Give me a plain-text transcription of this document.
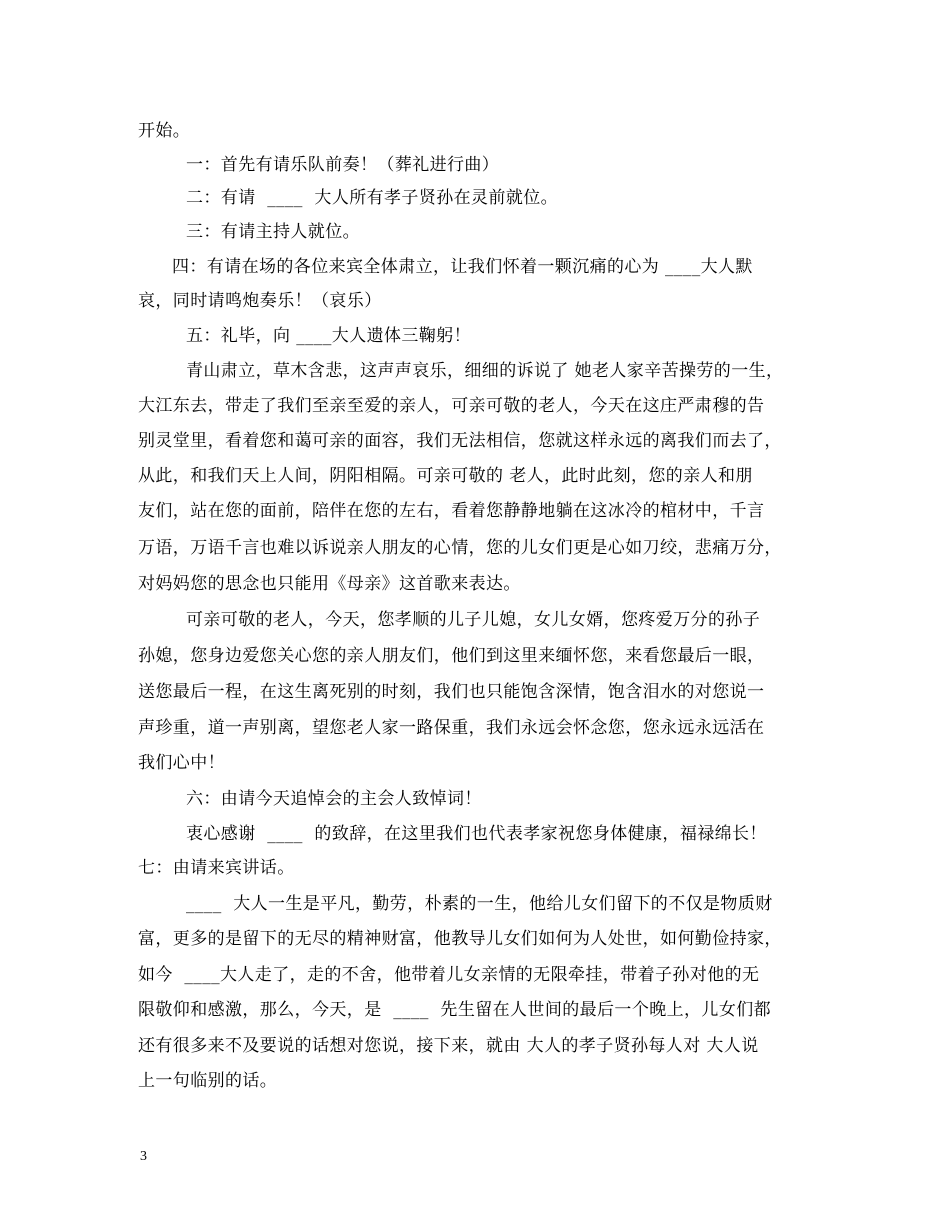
开始。
一：首先有请乐队前奏！（葬礼进行曲）
二：有请  ____  大人所有孝子贤孙在灵前就位。
三：有请主持人就位。
四：有请在场的各位来宾全体肃立，让我们怀着一颗沉痛的心为 ____大人默
哀，同时请鸣炮奏乐！（哀乐）
五：礼毕，向 ____大人遗体三鞠躬！
青山肃立，草木含悲，这声声哀乐，细细的诉说了 她老人家辛苦操劳的一生，
大江东去，带走了我们至亲至爱的亲人，可亲可敬的老人，今天在这庄严肃穆的告
别灵堂里，看着您和蔼可亲的面容，我们无法相信，您就这样永远的离我们而去了，
从此，和我们天上人间，阴阳相隔。可亲可敬的 老人，此时此刻，您的亲人和朋
友们，站在您的面前，陪伴在您的左右，看着您静静地躺在这冰冷的棺材中，千言
万语，万语千言也难以诉说亲人朋友的心情，您的儿女们更是心如刀绞，悲痛万分，
对妈妈您的思念也只能用《母亲》这首歌来表达。
可亲可敬的老人，今天，您孝顺的儿子儿媳，女儿女婿，您疼爱万分的孙子
孙媳，您身边爱您关心您的亲人朋友们，他们到这里来缅怀您，来看您最后一眼，
送您最后一程，在这生离死别的时刻，我们也只能饱含深情，饱含泪水的对您说一
声珍重，道一声别离，望您老人家一路保重，我们永远会怀念您，您永远永远活在
我们心中！
六：由请今天追悼会的主会人致悼词！
衷心感谢  ____  的致辞，在这里我们也代表孝家祝您身体健康，福禄绵长！
七：由请来宾讲话。
____  大人一生是平凡，勤劳，朴素的一生，他给儿女们留下的不仅是物质财
富，更多的是留下的无尽的精神财富，他教导儿女们如何为人处世，如何勤俭持家，
如今  ____大人走了，走的不舍，他带着儿女亲情的无限牵挂，带着子孙对他的无
限敬仰和感激，那么，今天，是  ____  先生留在人世间的最后一个晚上，儿女们都
还有很多来不及要说的话想对您说，接下来，就由 大人的孝子贤孙每人对 大人说
上一句临别的话。
3
